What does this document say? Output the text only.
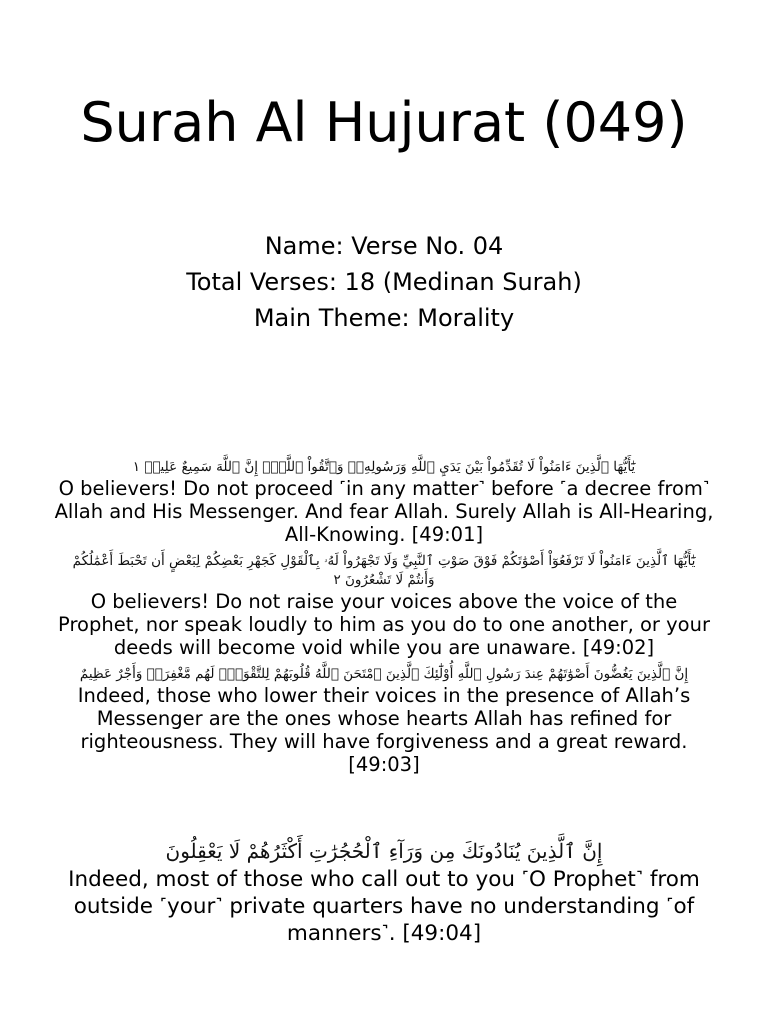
Surah Al Hujurat (049)
Name: Verse No. 04
Total Verses: 18 (Medinan Surah)
Main Theme: Morality
يَٰٓأَيُّهَا ٱلَّذِينَ ءَامَنُواْ لَا تُقَدِّمُواْ بَيْنَ يَدَيِ ٱللَّهِ وَرَسُولِهِۦۖ وَٱتَّقُواْ ٱللَّهَۚ إِنَّ ٱللَّهَ سَمِيعٌ عَلِيمٞ ١
O believers! Do not proceed ˹in any matter˺ before ˹a decree from˺ Allah and His Messenger. And fear Allah. Surely Allah is All-Hearing, All-Knowing. [49:01]
يَٰٓأَيُّهَا ٱلَّذِينَ ءَامَنُواْ لَا تَرْفَعُوٓاْ أَصْوَٰتَكُمْ فَوْقَ صَوْتِ ٱلنَّبِيِّ وَلَا تَجْهَرُواْ لَهُۥ بِٱلْقَوْلِ كَجَهْرِ بَعْضِكُمْ لِبَعْضٍ أَن تَحْبَطَ أَعْمَٰلُكُمْ وَأَنتُمْ لَا تَشْعُرُونَ ٢
O believers! Do not raise your voices above the voice of the Prophet, nor speak loudly to him as you do to one another, or your deeds will become void while you are unaware. [49:02]
إِنَّ ٱلَّذِينَ يَغُضُّونَ أَصْوَٰتَهُمْ عِندَ رَسُولِ ٱللَّهِ أُوْلَٰٓئِكَ ٱلَّذِينَ ٱمْتَحَنَ ٱللَّهُ قُلُوبَهُمْ لِلتَّقْوَىٰۚ لَهُم مَّغْفِرَةٞ وَأَجْرٌ عَظِيمٌ
Indeed, those who lower their voices in the presence of Allah’s Messenger are the ones whose hearts Allah has refined for righteousness. They will have forgiveness and a great reward. [49:03]
إِنَّ ٱلَّذِينَ يُنَادُونَكَ مِن وَرَآءِ ٱلْحُجُرَٰتِ أَكْثَرُهُمْ لَا يَعْقِلُونَ
Indeed, most of those who call out to you ˹O Prophet˺ from outside ˹your˺ private quarters have no understanding ˹of manners˺. [49:04]
